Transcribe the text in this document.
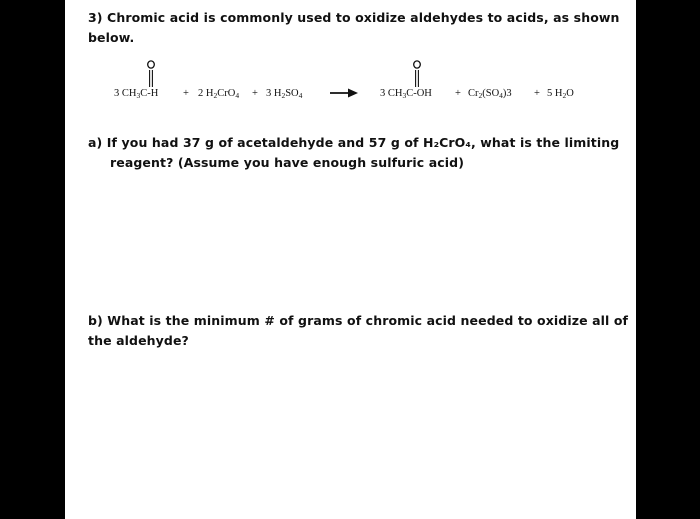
3) Chromic acid is commonly used to oxidize aldehydes to acids, as shown
below.
3 $CH_3C-H + 2$ $H_2CrO_4 + 3$ $H_2SO_4$	3 $CH_3C-OH + Cr_2(SO_4)3 + 5$ $H_2O$
a) If you had 37 g of acetaldehyde and 57 g of H₂CrO₄, what is the limiting
reagent? (Assume you have enough sulfuric acid)
b) What is the minimum # of grams of chromic acid needed to oxidize all of
the aldehyde?
